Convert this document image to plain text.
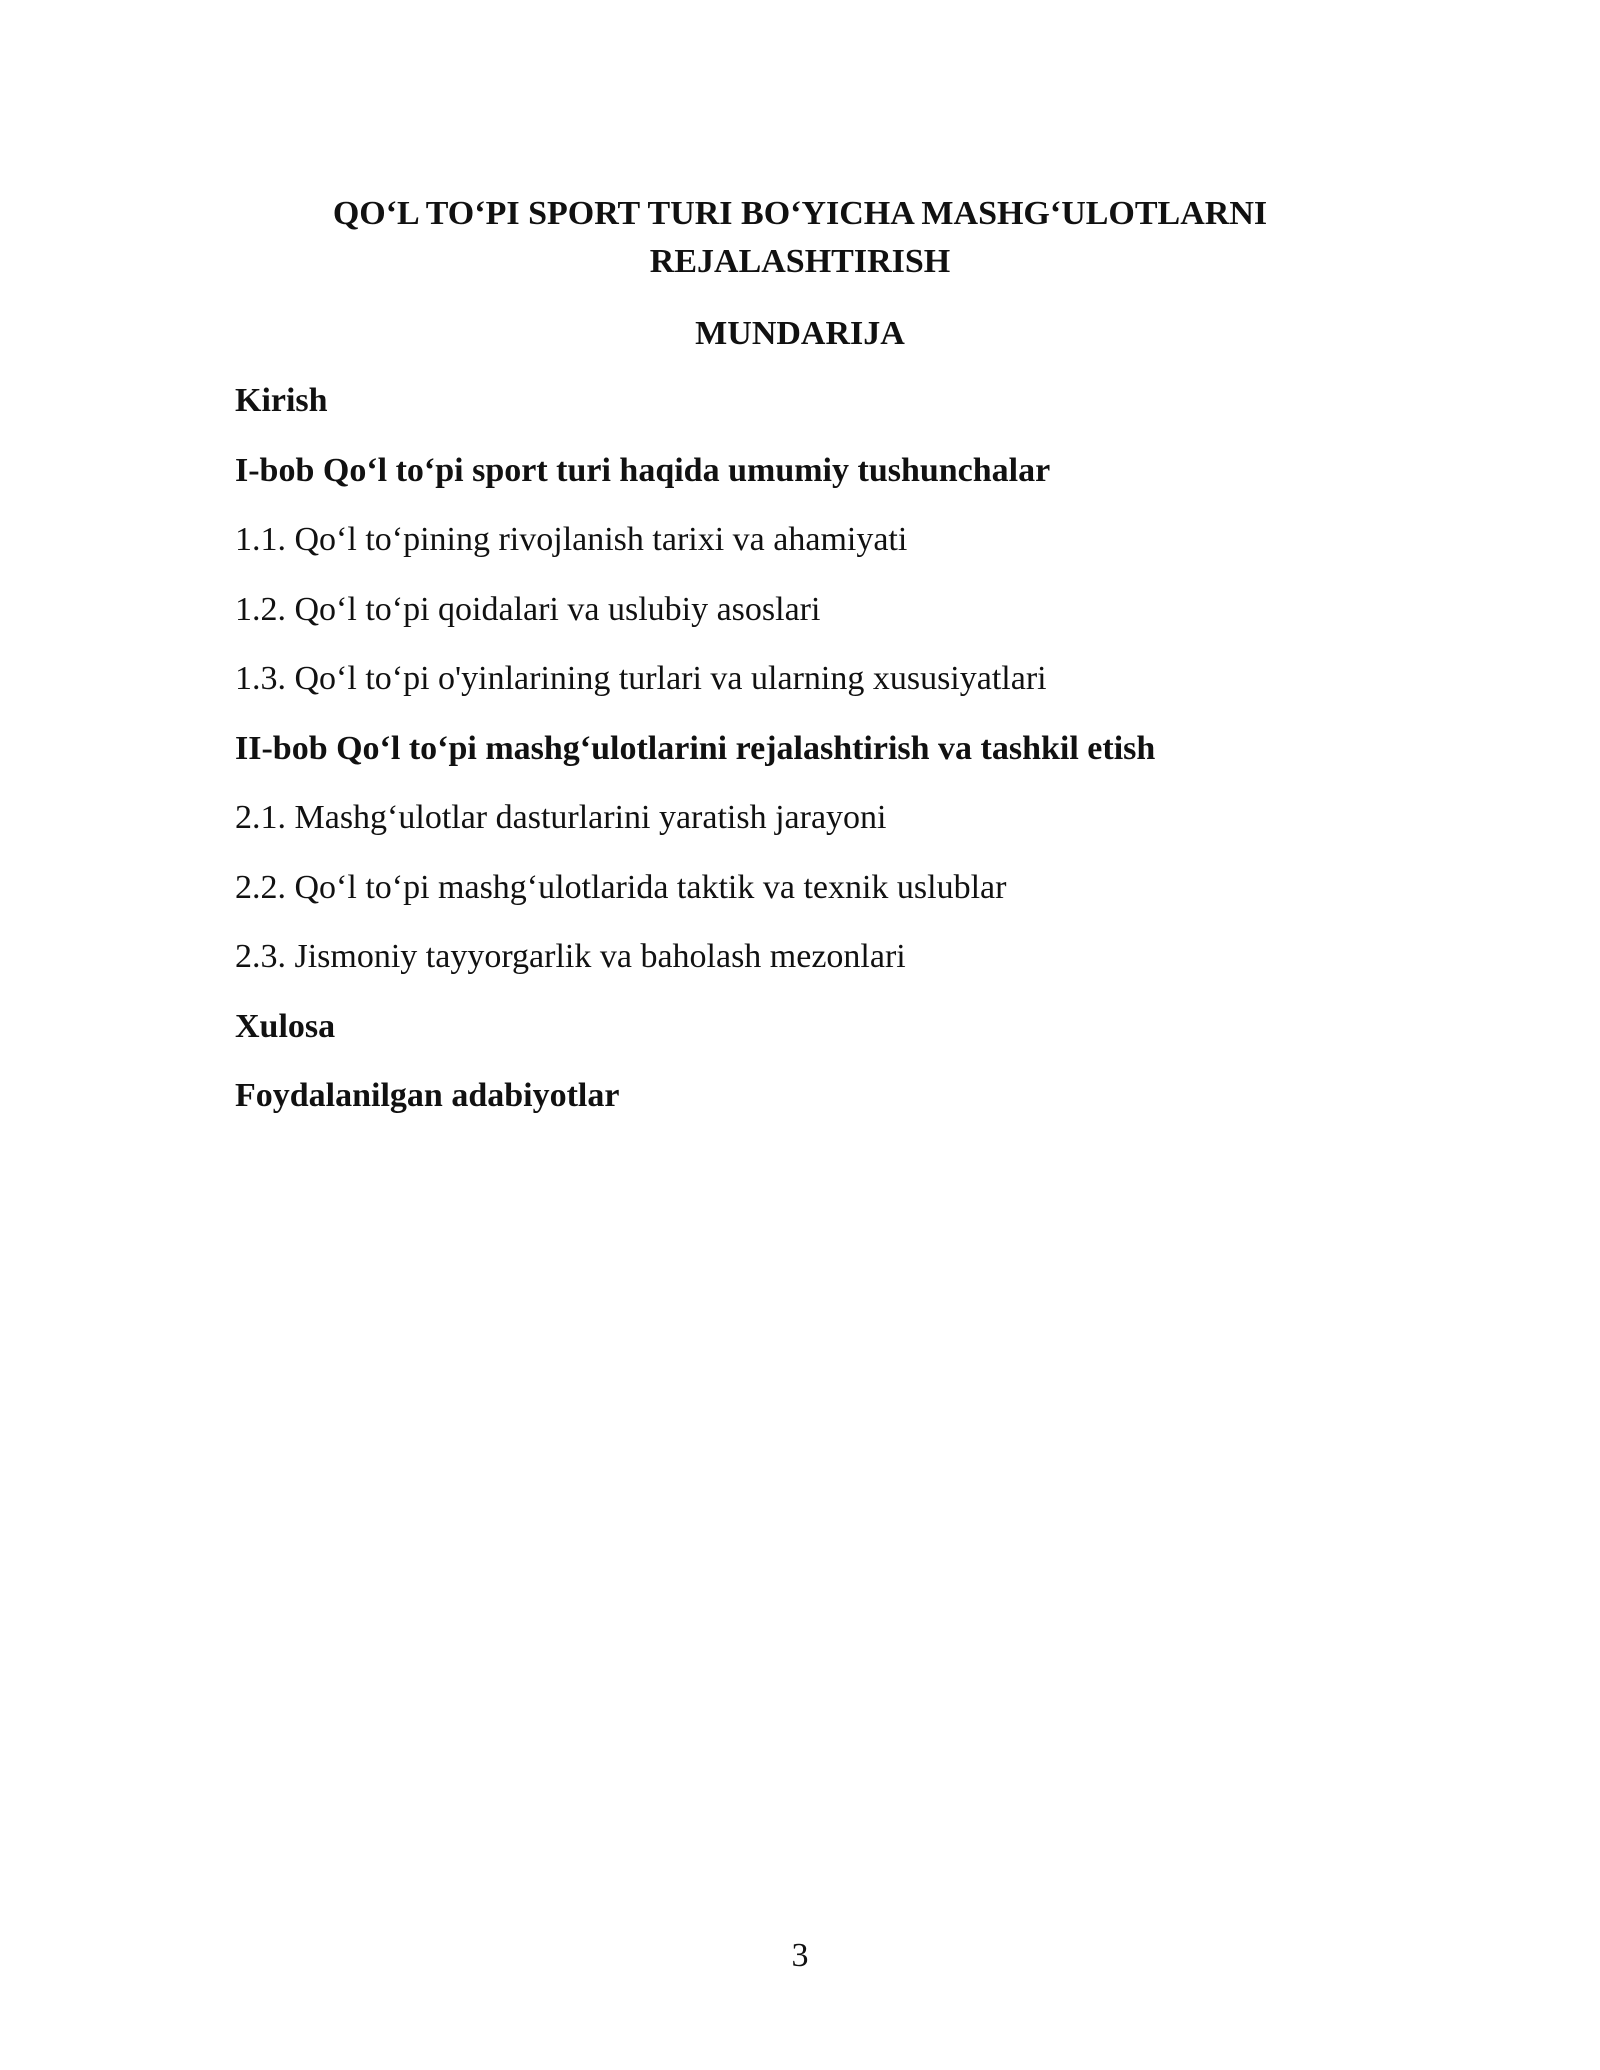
QO‘L TO‘PI SPORT TURI BO‘YICHA MASHG‘ULOTLARNI
REJALASHTIRISH
MUNDARIJA
Kirish
I-bob Qo‘l to‘pi sport turi haqida umumiy tushunchalar
1.1. Qo‘l to‘pining rivojlanish tarixi va ahamiyati
1.2. Qo‘l to‘pi qoidalari va uslubiy asoslari
1.3. Qo‘l to‘pi o'yinlarining turlari va ularning xususiyatlari
II-bob Qo‘l to‘pi mashg‘ulotlarini rejalashtirish va tashkil etish
2.1. Mashg‘ulotlar dasturlarini yaratish jarayoni
2.2. Qo‘l to‘pi mashg‘ulotlarida taktik va texnik uslublar
2.3. Jismoniy tayyorgarlik va baholash mezonlari
Xulosa
Foydalanilgan adabiyotlar
3
